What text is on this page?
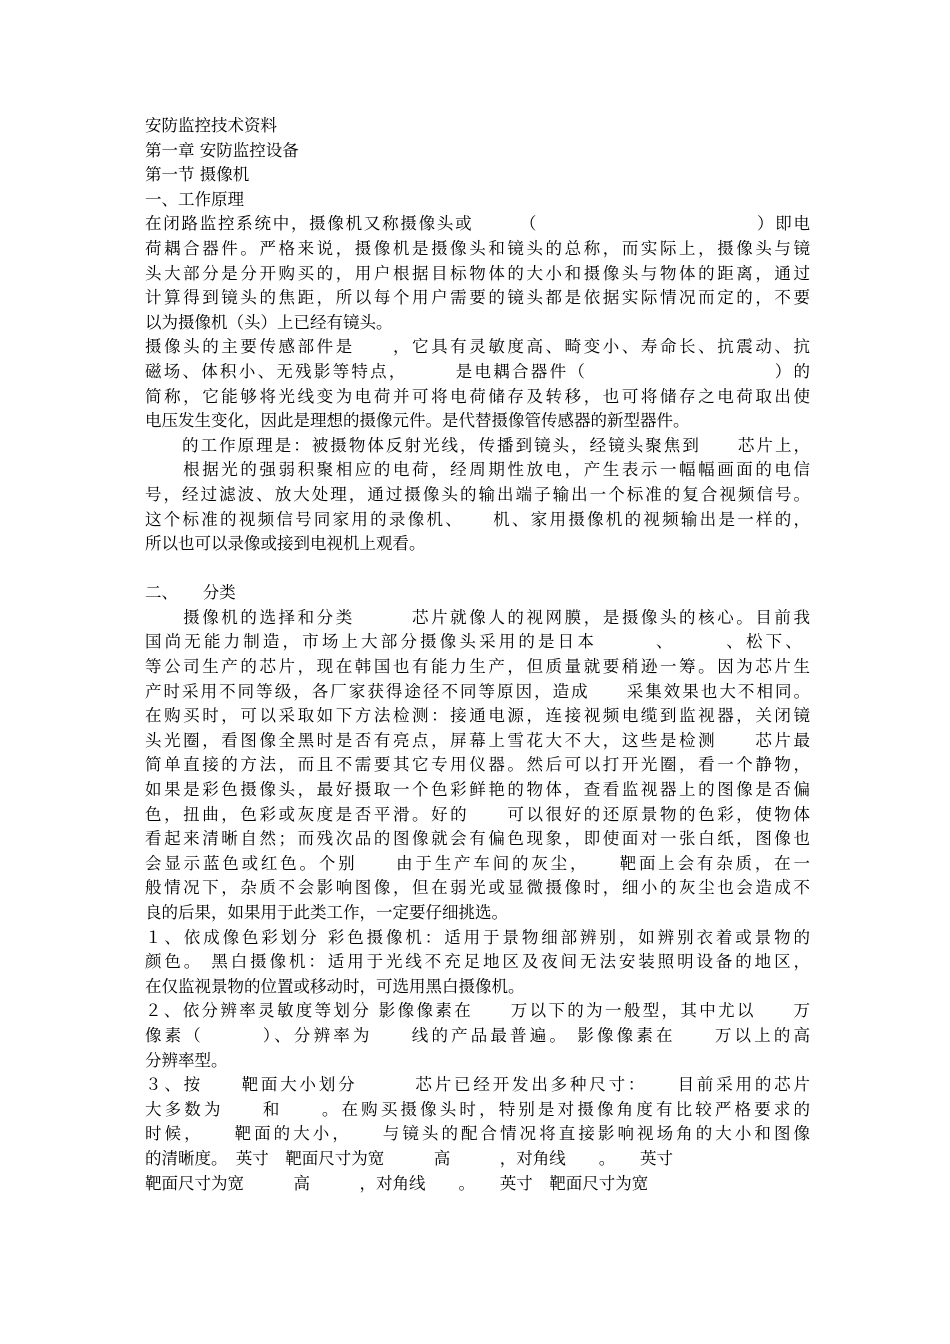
安防监控技术资料
第一章 安防监控设备
第一节 摄像机
一、工作原理
在闭路监控系统中，摄像机又称摄像头或　　　（　　　　　　　　　　　　）即电
荷耦合器件。严格来说，摄像机是摄像头和镜头的总称，而实际上，摄像头与镜
头大部分是分开购买的，用户根据目标物体的大小和摄像头与物体的距离，通过
计算得到镜头的焦距，所以每个用户需要的镜头都是依据实际情况而定的，不要
以为摄像机（头）上已经有镜头。
摄像头的主要传感部件是　　，它具有灵敏度高、畸变小、寿命长、抗震动、抗
磁场、体积小、无残影等特点，　　　是电耦合器件（　　　　　　　　　　）的
简称，它能够将光线变为电荷并可将电荷储存及转移，也可将储存之电荷取出使
电压发生变化，因此是理想的摄像元件。是代替摄像管传感器的新型器件。
　　的工作原理是：被摄物体反射光线，传播到镜头，经镜头聚焦到　　芯片上，
　　根据光的强弱积聚相应的电荷，经周期性放电，产生表示一幅幅画面的电信
号，经过滤波、放大处理，通过摄像头的输出端子输出一个标准的复合视频信号。
这个标准的视频信号同家用的录像机、　　机、家用摄像机的视频输出是一样的，
所以也可以录像或接到电视机上观看。
二、　　分类
　　摄像机的选择和分类　　　芯片就像人的视网膜，是摄像头的核心。目前我
国尚无能力制造，市场上大部分摄像头采用的是日本　　　、　　　、松下、　
等公司生产的芯片，现在韩国也有能力生产，但质量就要稍逊一筹。因为芯片生
产时采用不同等级，各厂家获得途径不同等原因，造成　　采集效果也大不相同。
在购买时，可以采取如下方法检测：接通电源，连接视频电缆到监视器，关闭镜
头光圈，看图像全黑时是否有亮点，屏幕上雪花大不大，这些是检测　　芯片最
简单直接的方法，而且不需要其它专用仪器。然后可以打开光圈，看一个静物，
如果是彩色摄像头，最好摄取一个色彩鲜艳的物体，查看监视器上的图像是否偏
色，扭曲，色彩或灰度是否平滑。好的　　可以很好的还原景物的色彩，使物体
看起来清晰自然；而残次品的图像就会有偏色现象，即使面对一张白纸，图像也
会显示蓝色或红色。个别　　由于生产车间的灰尘，　　靶面上会有杂质，在一
般情况下，杂质不会影响图像，但在弱光或显微摄像时，细小的灰尘也会造成不
良的后果，如果用于此类工作，一定要仔细挑选。
１、依成像色彩划分 彩色摄像机：适用于景物细部辨别，如辨别衣着或景物的
颜色。 黑白摄像机：适用于光线不充足地区及夜间无法安装照明设备的地区，
在仅监视景物的位置或移动时，可选用黑白摄像机。
２、依分辨率灵敏度等划分 影像像素在　　万以下的为一般型，其中尤以　　万
像素（　　　）、分辨率为　　线的产品最普遍。 影像像素在　　万以上的高
分辨率型。
３、按　　靶面大小划分　　　芯片已经开发出多种尺寸：　　目前采用的芯片
大多数为　　和　　。在购买摄像头时，特别是对摄像角度有比较严格要求的
时候，　　靶面的大小，　　与镜头的配合情况将直接影响视场角的大小和图像
的清晰度。　英寸　靶面尺寸为宽　　　高　　　，对角线　　。　　英寸
靶面尺寸为宽　　　高　　　，对角线　　。　　英寸　靶面尺寸为宽
